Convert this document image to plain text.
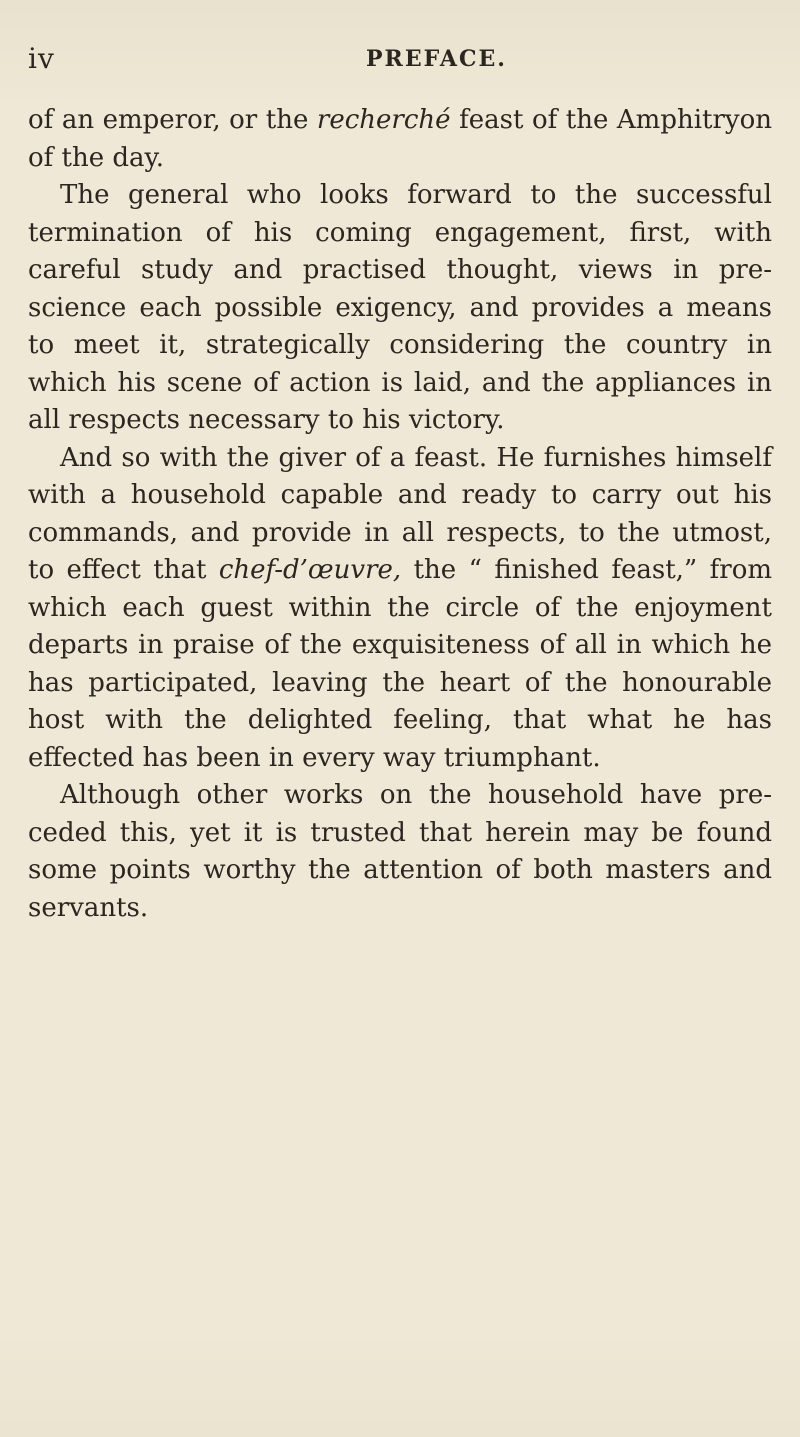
iv	PREFACE.

of an emperor, or the recherché feast of the Amphitryon of the day.

The general who looks forward to the successful termination of his coming engagement, first, with careful study and practised thought, views in pre-science each possible exigency, and provides a means to meet it, strategically considering the country in which his scene of action is laid, and the appliances in all respects necessary to his victory.

And so with the giver of a feast. He furnishes himself with a household capable and ready to carry out his commands, and provide in all respects, to the utmost, to effect that chef-d’œuvre, the “ finished feast,” from which each guest within the circle of the enjoyment departs in praise of the exquisiteness of all in which he has participated, leaving the heart of the honourable host with the delighted feeling, that what he has effected has been in every way triumphant.

Although other works on the household have pre-ceded this, yet it is trusted that herein may be found some points worthy the attention of both masters and servants.
